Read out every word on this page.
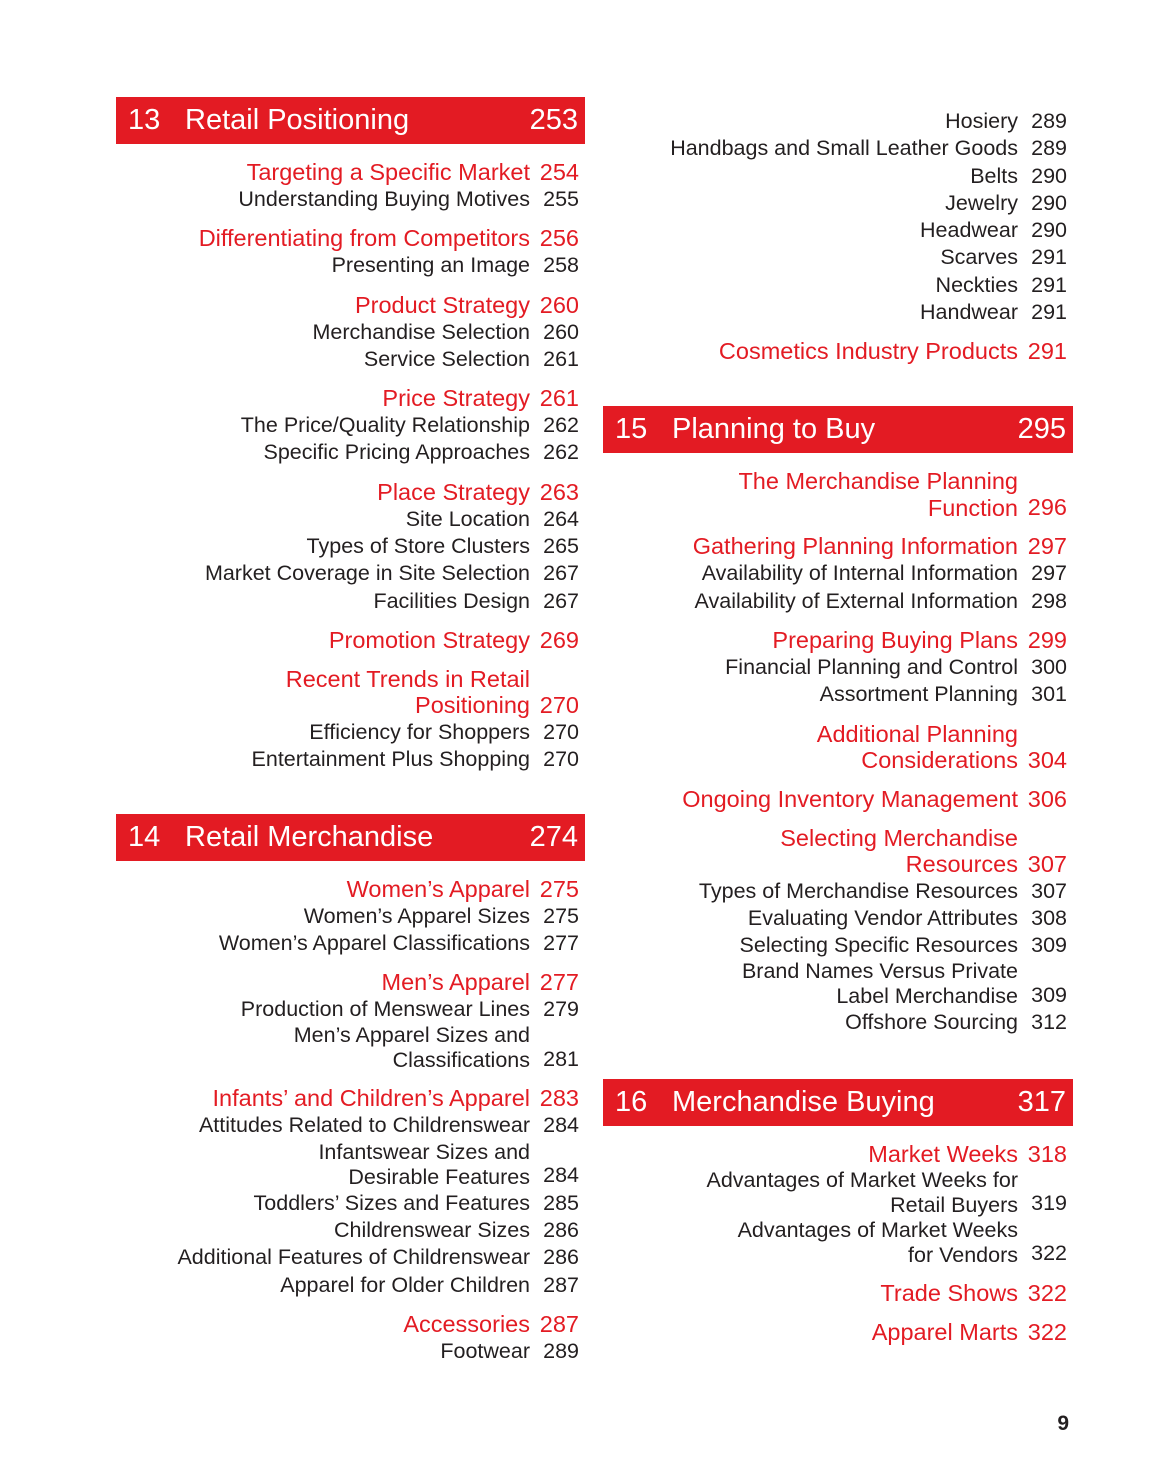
13 Retail Positioning	253
Targeting a Specific Market 254
Understanding Buying Motives 255
Differentiating from Competitors 256
Presenting an Image 258
Product Strategy 260
Merchandise Selection 260
Service Selection 261
Price Strategy 261
The Price/Quality Relationship 262
Specific Pricing Approaches 262
Place Strategy 263
Site Location 264
Types of Store Clusters 265
Market Coverage in Site Selection 267
Facilities Design 267
Promotion Strategy 269
Recent Trends in Retail
Positioning 270
Efficiency for Shoppers 270
Entertainment Plus Shopping 270
14 Retail Merchandise	274
Women’s Apparel 275
Women’s Apparel Sizes 275
Women’s Apparel Classifications 277
Men’s Apparel 277
Production of Menswear Lines 279
Men’s Apparel Sizes and
Classifications 281
Infants’ and Children’s Apparel 283
Attitudes Related to Childrenswear 284
Infantswear Sizes and
Desirable Features 284
Toddlers’ Sizes and Features 285
Childrenswear Sizes 286
Additional Features of Childrenswear 286
Apparel for Older Children 287
Accessories 287
Footwear 289
Hosiery 289
Handbags and Small Leather Goods 289
Belts 290
Jewelry 290
Headwear 290
Scarves 291
Neckties 291
Handwear 291
Cosmetics Industry Products 291
15 Planning to Buy	295
The Merchandise Planning
Function 296
Gathering Planning Information 297
Availability of Internal Information 297
Availability of External Information 298
Preparing Buying Plans 299
Financial Planning and Control 300
Assortment Planning 301
Additional Planning
Considerations 304
Ongoing Inventory Management 306
Selecting Merchandise
Resources 307
Types of Merchandise Resources 307
Evaluating Vendor Attributes 308
Selecting Specific Resources 309
Brand Names Versus Private
Label Merchandise 309
Offshore Sourcing 312
16 Merchandise Buying	317
Market Weeks 318
Advantages of Market Weeks for
Retail Buyers 319
Advantages of Market Weeks
for Vendors 322
Trade Shows 322
Apparel Marts 322
9
